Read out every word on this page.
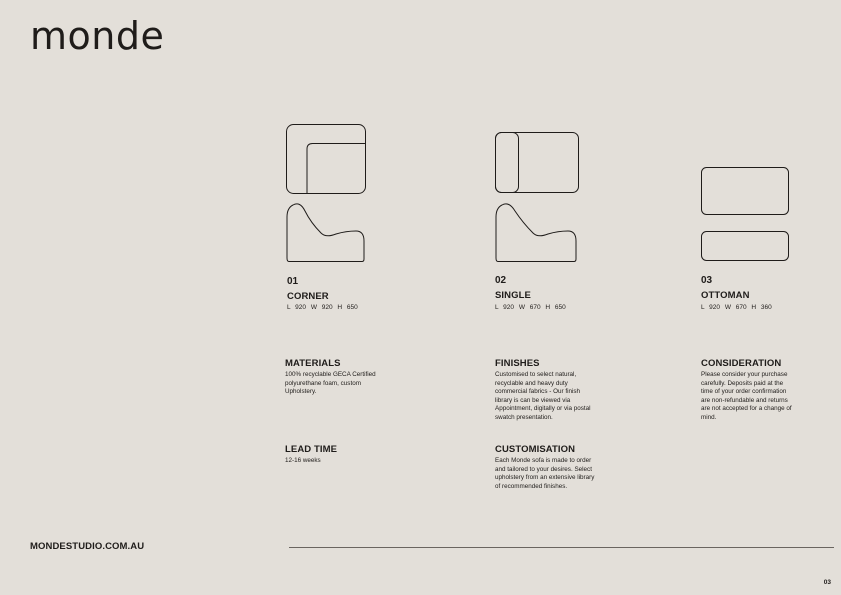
monde
01
CORNER
L 920 W 920 H 650
02
SINGLE
L 920 W 670 H 650
03
OTTOMAN
L 920 W 670 H 360
MATERIALS
100% recyclable GECA Certified
polyurethane foam, custom
Upholstery.
FINISHES
Customised to select natural,
recyclable and heavy duty
commercial fabrics - Our finish
library is can be viewed via
Appointment, digitally or via postal
swatch presentation.
CONSIDERATION
Please consider your purchase
carefully. Deposits paid at the
time of your order confirmation
are non-refundable and returns
are not accepted for a change of
mind.
LEAD TIME
12-16 weeks
CUSTOMISATION
Each Monde sofa is made to order
and tailored to your desires. Select
upholstery from an extensive library
of recommended finishes.
MONDESTUDIO.COM.AU
03
